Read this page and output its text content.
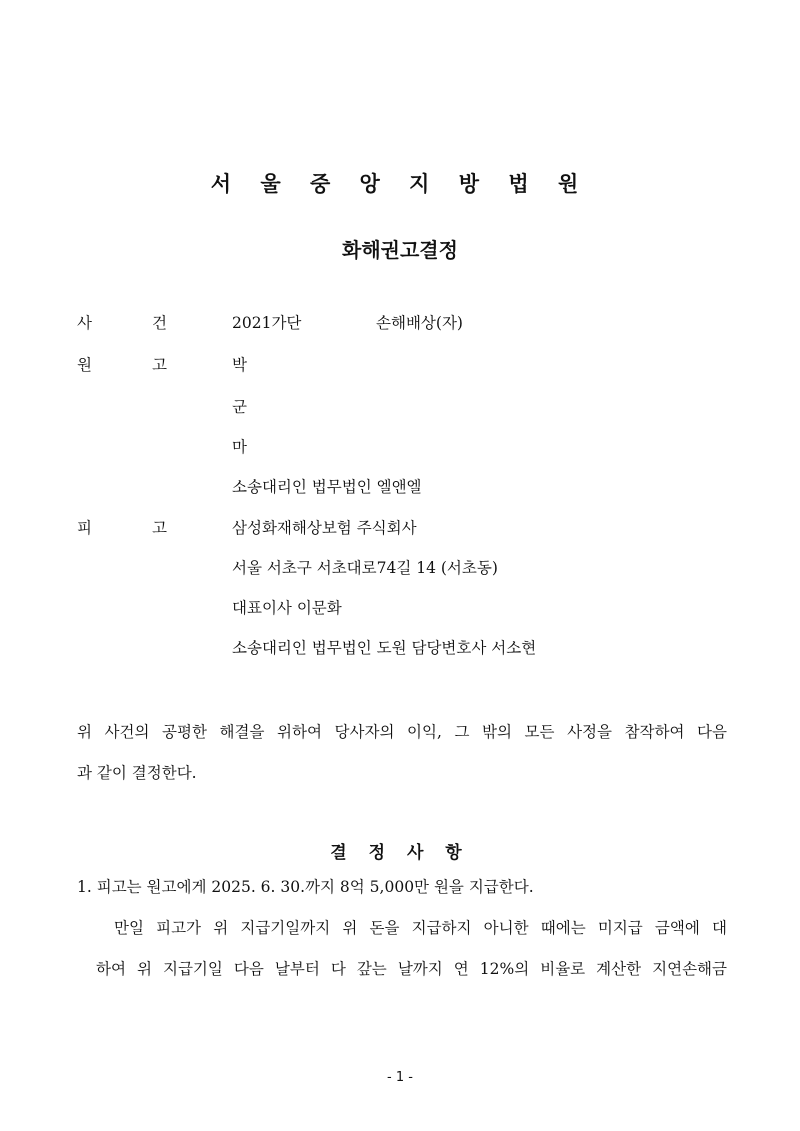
서 울 중 앙 지 방 법 원
화해권고결정
사	건	2021가단	손해배상(자)
원	고	박
군
마
소송대리인 법무법인 엘앤엘
피	고	삼성화재해상보험 주식회사
서울 서초구 서초대로74길 14 (서초동)
대표이사 이문화
소송대리인 법무법인 도원 담당변호사 서소현
위 사건의 공평한 해결을 위하여 당사자의 이익, 그 밖의 모든 사정을 참작하여 다음
과 같이 결정한다.
결 정 사 항
1. 피고는 원고에게 2025. 6. 30.까지 8억 5,000만 원을 지급한다.
만일 피고가 위 지급기일까지 위 돈을 지급하지 아니한 때에는 미지급 금액에 대
하여 위 지급기일 다음 날부터 다 갚는 날까지 연 12%의 비율로 계산한 지연손해금
- 1 -
